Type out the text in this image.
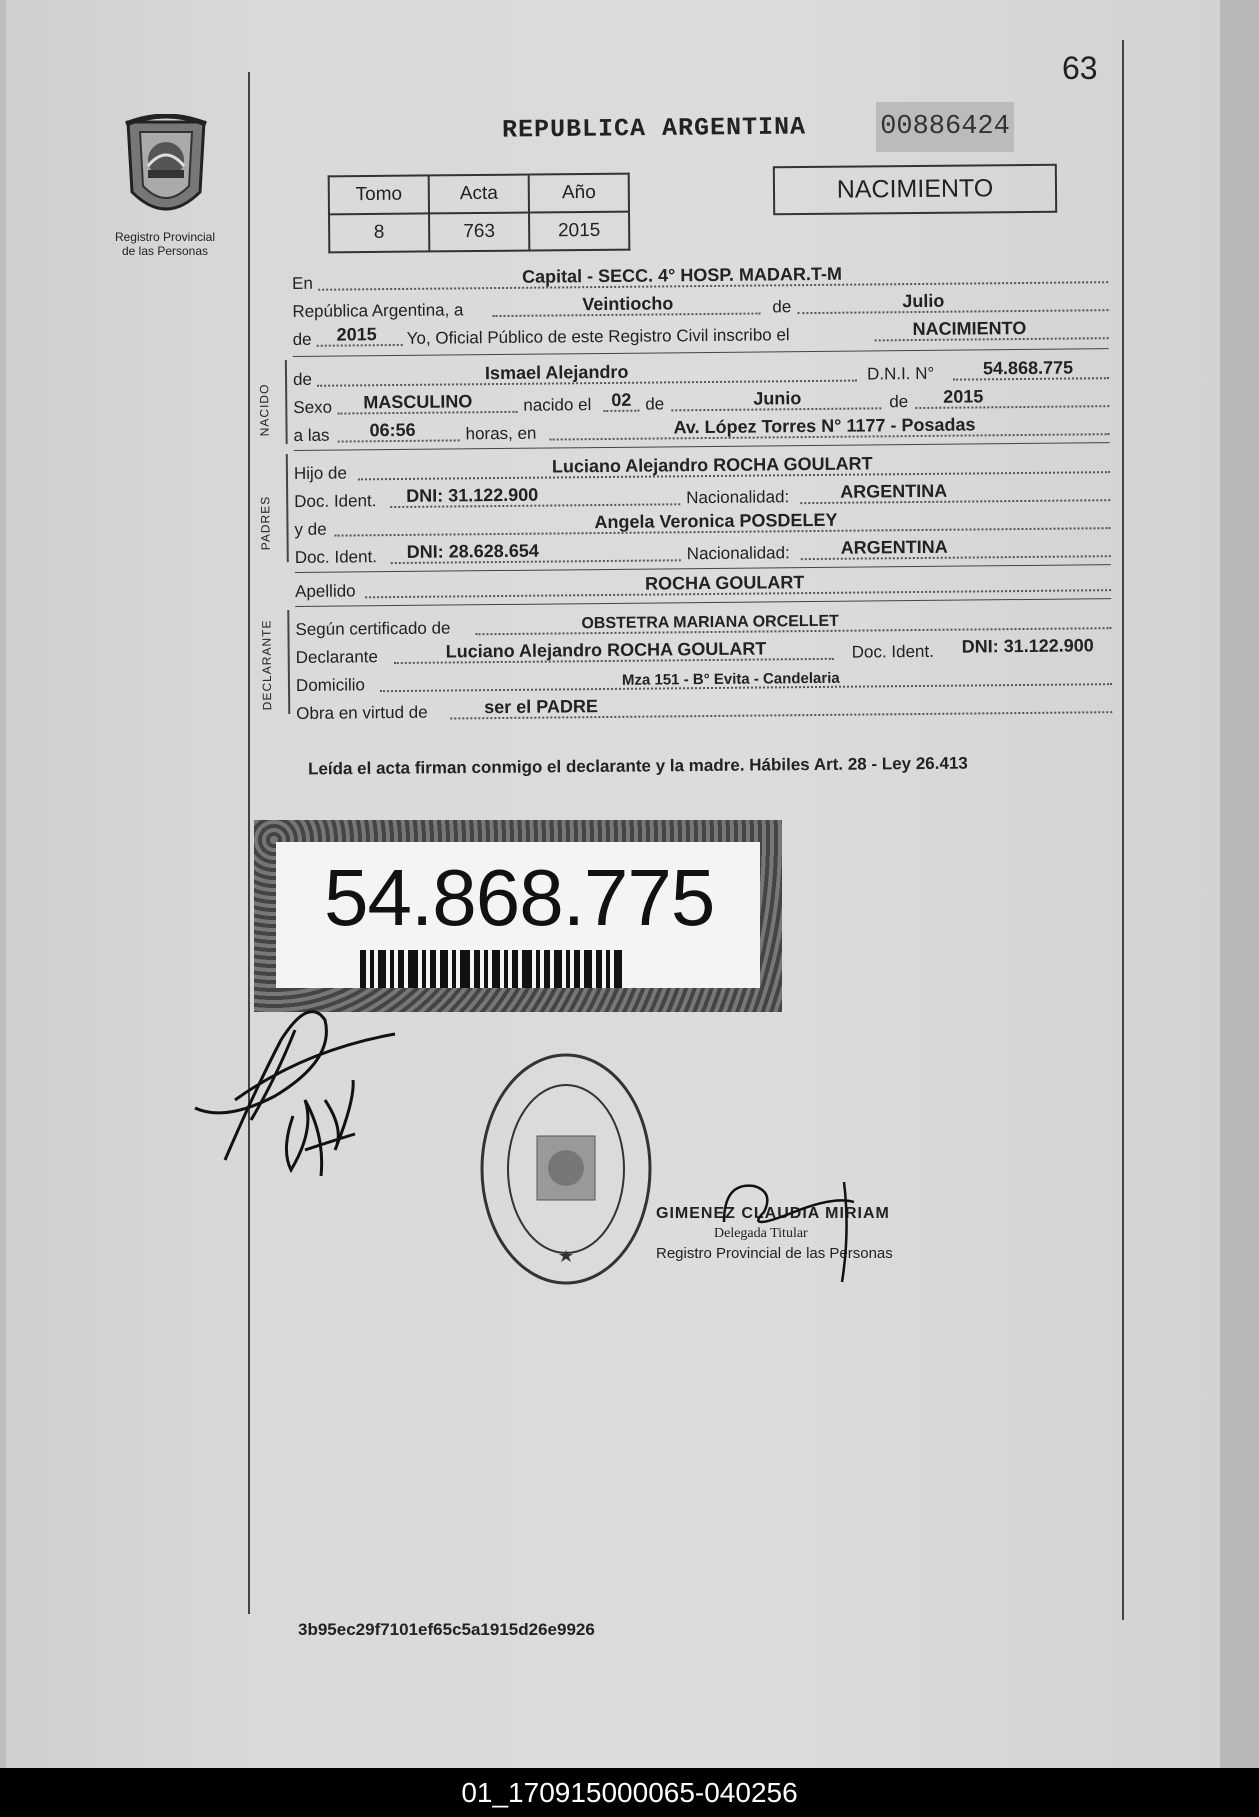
63
Registro Provincial
de las Personas
REPUBLICA ARGENTINA	00886424
Tomo	Acta	Año
8	763	2015
NACIMIENTO
En	Capital - SECC. 4° HOSP. MADAR.T-M
República Argentina, a	Veintiocho	de	Julio
de 2015 Yo, Oficial Público de este Registro Civil inscribo el	NACIMIENTO
NACIDO
de	Ismael Alejandro	D.N.I. N°	54.868.775
Sexo MASCULINO	nacido el 02 de	Junio	de 2015
a las 06:56	horas, en	Av. López Torres N° 1177 - Posadas
PADRES
Hijo de	Luciano Alejandro ROCHA GOULART
Doc. Ident. DNI: 31.122.900	Nacionalidad:	ARGENTINA
y de	Angela Veronica POSDELEY
Doc. Ident. DNI: 28.628.654	Nacionalidad:	ARGENTINA
Apellido	ROCHA GOULART
DECLARANTE Según certificado de	OBSTETRA MARIANA ORCELLET
Declarante	Luciano Alejandro ROCHA GOULART	Doc. Ident. DNI: 31.122.900
Domicilio	Mza 151 - B° Evita - Candelaria
Obra en virtud de	ser el PADRE
Leída el acta firman conmigo el declarante y la madre. Hábiles Art. 28 - Ley 26.413
54.868.775
GIMENEZ CLAUDIA MIRIAM
Delegada Titular
Registro Provincial de las Personas
3b95ec29f7101ef65c5a1915d26e9926
01_170915000065-040256
